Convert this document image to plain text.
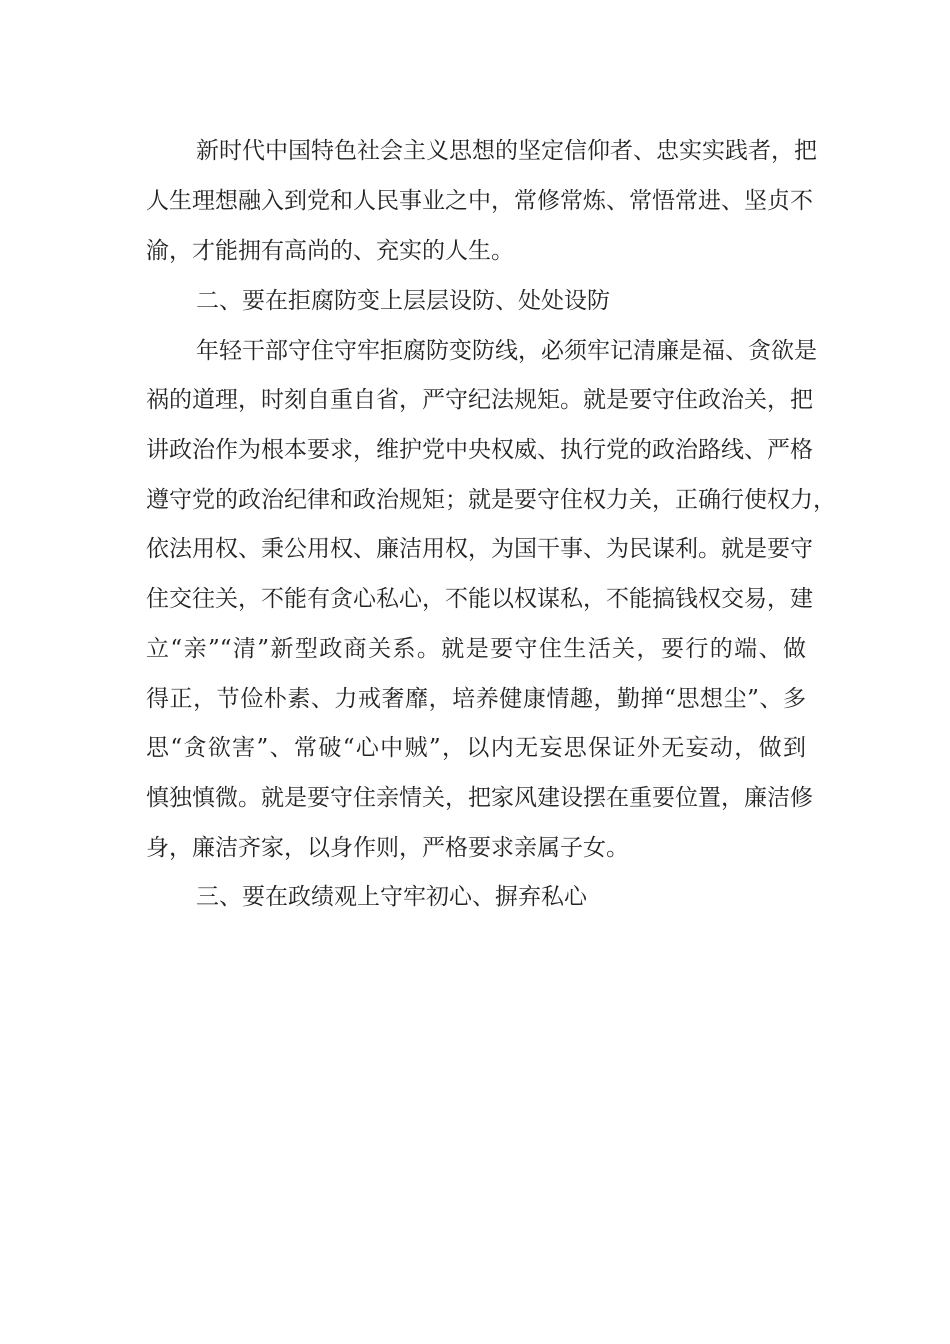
新时代中国特色社会主义思想的坚定信仰者、忠实实践者，把
人生理想融入到党和人民事业之中，常修常炼、常悟常进、坚贞不
渝，才能拥有高尚的、充实的人生。
二、要在拒腐防变上层层设防、处处设防
年轻干部守住守牢拒腐防变防线，必须牢记清廉是福、贪欲是
祸的道理，时刻自重自省，严守纪法规矩。就是要守住政治关，把
讲政治作为根本要求，维护党中央权威、执行党的政治路线、严格
遵守党的政治纪律和政治规矩；就是要守住权力关，正确行使权力，
依法用权、秉公用权、廉洁用权，为国干事、为民谋利。就是要守
住交往关，不能有贪心私心，不能以权谋私，不能搞钱权交易，建
立“亲”“清”新型政商关系。就是要守住生活关，要行的端、做
得正，节俭朴素、力戒奢靡，培养健康情趣，勤掸“思想尘”、多
思“贪欲害”、常破“心中贼”，以内无妄思保证外无妄动，做到
慎独慎微。就是要守住亲情关，把家风建设摆在重要位置，廉洁修
身，廉洁齐家，以身作则，严格要求亲属子女。
三、要在政绩观上守牢初心、摒弃私心
